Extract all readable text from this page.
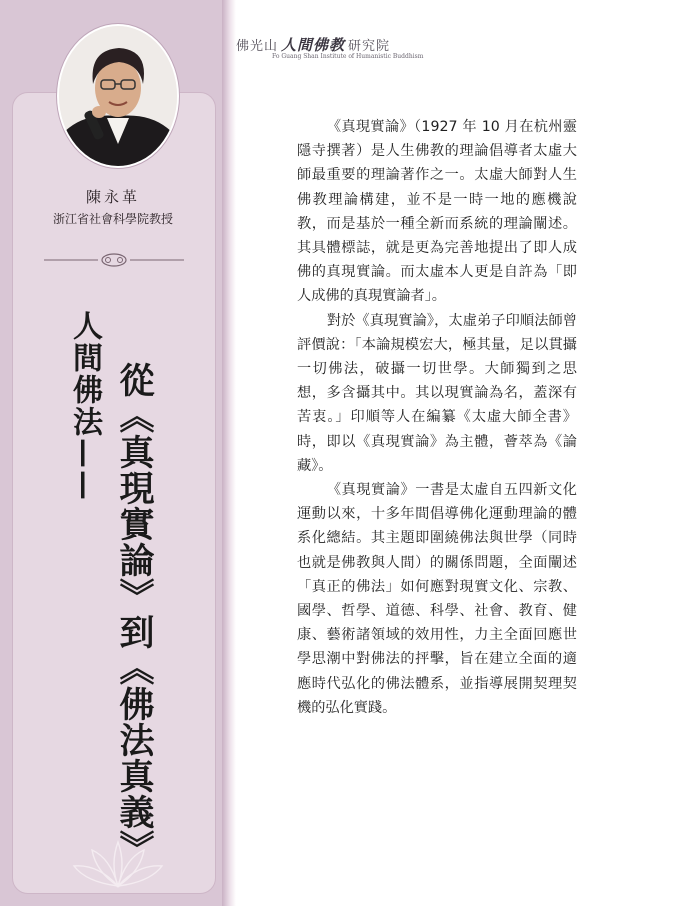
陳永革
浙江省社會科學院教授
從《真現實論》到《佛法真義》
人間佛法——
佛光山 人間佛教 研究院
Fo Guang Shan Institute of Humanistic Buddhism

《真現實論》（1927 年 10 月在杭州靈隱寺撰著）是人生佛教的理論倡導者太虛大師最重要的理論著作之一。太虛大師對人生佛教理論構建，並不是一時一地的應機說教，而是基於一種全新而系統的理論闡述。其具體標誌，就是更為完善地提出了即人成佛的真現實論。而太虛本人更是自許為「即人成佛的真現實論者」。

對於《真現實論》，太虛弟子印順法師曾評價說：「本論規模宏大，極其量，足以貫攝一切佛法，破攝一切世學。大師獨到之思想，多含攝其中。其以現實論為名，蓋深有苦衷。」印順等人在編纂《太虛大師全書》時，即以《真現實論》為主體，薈萃為《論藏》。

《真現實論》一書是太虛自五四新文化運動以來，十多年間倡導佛化運動理論的體系化總結。其主題即圍繞佛法與世學（同時也就是佛教與人間）的關係問題，全面闡述「真正的佛法」如何應對現實文化、宗教、國學、哲學、道德、科學、社會、教育、健康、藝術諸領域的效用性，力主全面回應世學思潮中對佛法的抨擊，旨在建立全面的適應時代弘化的佛法體系，並指導展開契理契機的弘化實踐。
